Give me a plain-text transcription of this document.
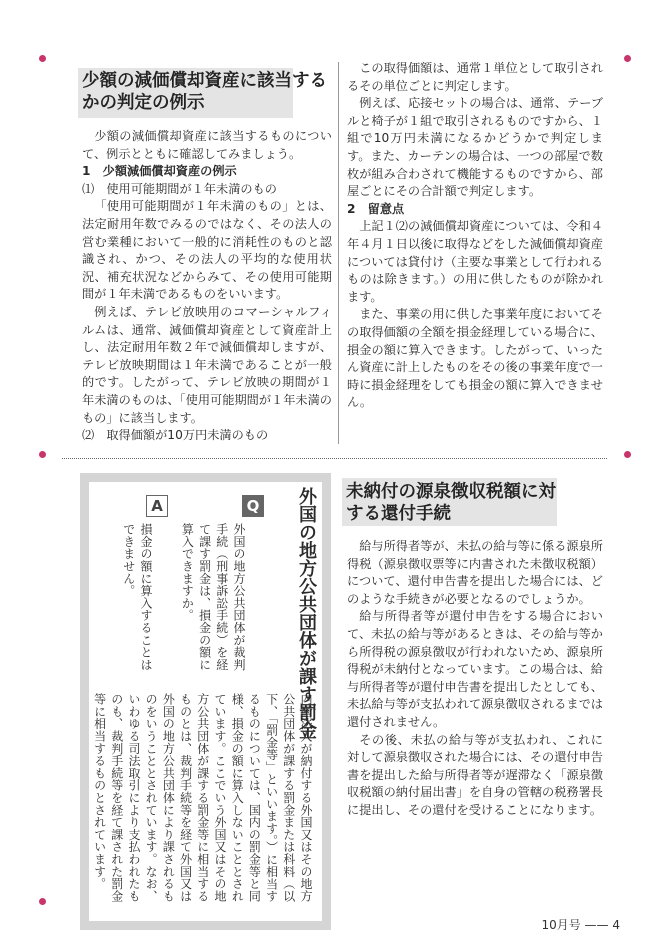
少額の減価償却資産に該当するかの判定の例示

少額の減価償却資産に該当するものについて、例示とともに確認してみましょう。

1　少額減価償却資産の例示

⑴　使用可能期間が１年未満のもの

「使用可能期間が１年未満のもの」とは、法定耐用年数でみるのではなく、その法人の営む業種において一般的に消耗性のものと認識され、かつ、その法人の平均的な使用状況、補充状況などからみて、その使用可能期間が１年未満であるものをいいます。

例えば、テレビ放映用のコマーシャルフィルムは、通常、減価償却資産として資産計上し、法定耐用年数２年で減価償却しますが、テレビ放映期間は１年未満であることが一般的です。したがって、テレビ放映の期間が１年未満のものは、「使用可能期間が１年未満のもの」に該当します。

⑵　取得価額が10万円未満のもの

この取得価額は、通常１単位として取引されるその単位ごとに判定します。

例えば、応接セットの場合は、通常、テーブルと椅子が１組で取引されるものですから、１組で10万円未満になるかどうかで判定します。また、カーテンの場合は、一つの部屋で数枚が組み合わされて機能するものですから、部屋ごとにその合計額で判定します。

2　留意点

上記１⑵の減価償却資産については、令和４年４月１日以後に取得などをした減価償却資産については貸付け（主要な事業として行われるものは除きます。）の用に供したものが除かれます。

また、事業の用に供した事業年度においてその取得価額の全額を損金経理している場合に、損金の額に算入できます。したがって、いったん資産に計上したものをその後の事業年度で一時に損金経理をしても損金の額に算入できません。

未納付の源泉徴収税額に対する還付手続

給与所得者等が、未払の給与等に係る源泉所得税（源泉徴収票等に内書された未徴収税額）について、還付申告書を提出した場合には、どのような手続きが必要となるのでしょうか。

給与所得者等が還付申告をする場合において、未払の給与等があるときは、その給与等から所得税の源泉徴収が行われないため、源泉所得税が未納付となっています。この場合は、給与所得者等が還付申告書を提出したとしても、未払給与等が支払われて源泉徴収されるまでは還付されません。

その後、未払の給与等が支払われ、これに対して源泉徴収された場合には、その還付申告書を提出した給与所得者等が遅滞なく「源泉徴収税額の納付届出書」を自身の管轄の税務署長に提出し、その還付を受けることになります。

外国の地方公共団体が課す罰金
Q
外国の地方公共団体が裁判手続（刑事訴訟手続）を経て課す罰金は、損金の額に算入できますか。
A
損金の額に算入することはできません。
内国法人が納付する外国又はその地方公共団体が課する罰金または科料（以下、「罰金等」といいます。）に相当するものについては、国内の罰金等と同様、損金の額に算入しないこととされています。ここでいう外国又はその地方公共団体が課する罰金等に相当するものとは、裁判手続等を経て外国又は外国の地方公共団体により課されるものをいうこととされています。なお、いわゆる司法取引により支払われたものも、裁判手続等を経て課された罰金等に相当するものとされています。
10月号 —— 4
